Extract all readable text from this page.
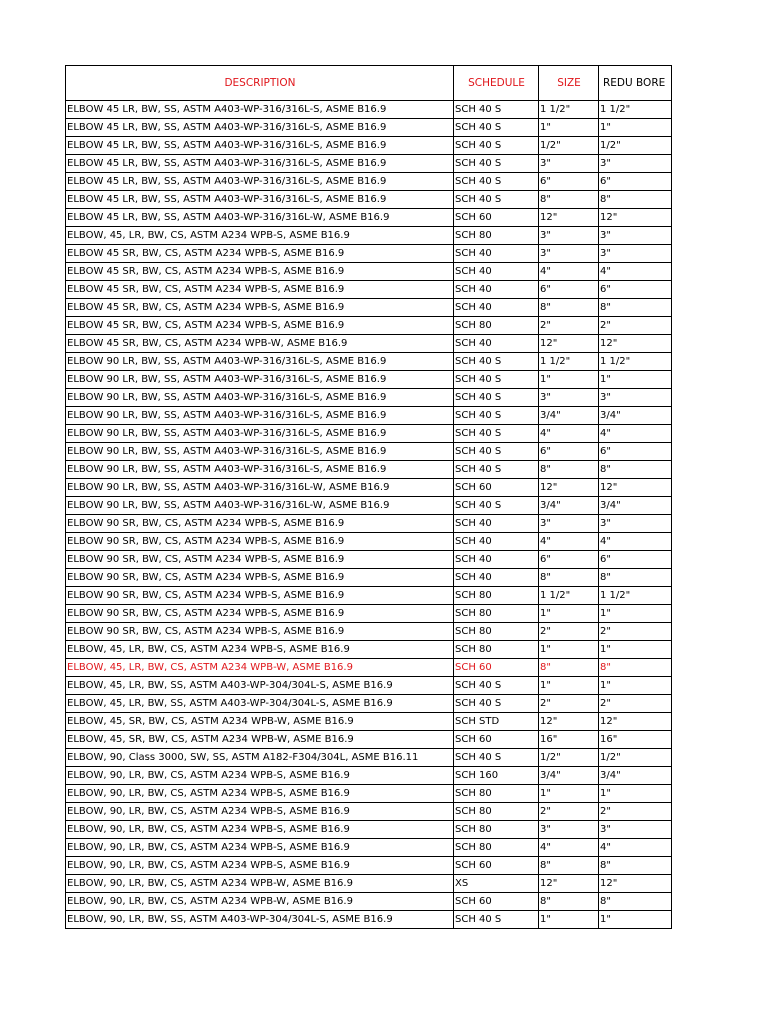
DESCRIPTION	SCHEDULE	SIZE	REDU BORE
ELBOW 45 LR, BW, SS, ASTM A403-WP-316/316L-S, ASME B16.9	SCH 40 S	1 1/2"	1 1/2"
ELBOW 45 LR, BW, SS, ASTM A403-WP-316/316L-S, ASME B16.9	SCH 40 S	1"	1"
ELBOW 45 LR, BW, SS, ASTM A403-WP-316/316L-S, ASME B16.9	SCH 40 S	1/2"	1/2"
ELBOW 45 LR, BW, SS, ASTM A403-WP-316/316L-S, ASME B16.9	SCH 40 S	3"	3"
ELBOW 45 LR, BW, SS, ASTM A403-WP-316/316L-S, ASME B16.9	SCH 40 S	6"	6"
ELBOW 45 LR, BW, SS, ASTM A403-WP-316/316L-S, ASME B16.9	SCH 40 S	8"	8"
ELBOW 45 LR, BW, SS, ASTM A403-WP-316/316L-W, ASME B16.9	SCH 60	12"	12"
ELBOW, 45, LR, BW, CS, ASTM A234 WPB-S, ASME B16.9	SCH 80	3"	3"
ELBOW 45 SR, BW, CS, ASTM A234 WPB-S, ASME B16.9	SCH 40	3"	3"
ELBOW 45 SR, BW, CS, ASTM A234 WPB-S, ASME B16.9	SCH 40	4"	4"
ELBOW 45 SR, BW, CS, ASTM A234 WPB-S, ASME B16.9	SCH 40	6"	6"
ELBOW 45 SR, BW, CS, ASTM A234 WPB-S, ASME B16.9	SCH 40	8"	8"
ELBOW 45 SR, BW, CS, ASTM A234 WPB-S, ASME B16.9	SCH 80	2"	2"
ELBOW 45 SR, BW, CS, ASTM A234 WPB-W, ASME B16.9	SCH 40	12"	12"
ELBOW 90 LR, BW, SS, ASTM A403-WP-316/316L-S, ASME B16.9	SCH 40 S	1 1/2"	1 1/2"
ELBOW 90 LR, BW, SS, ASTM A403-WP-316/316L-S, ASME B16.9	SCH 40 S	1"	1"
ELBOW 90 LR, BW, SS, ASTM A403-WP-316/316L-S, ASME B16.9	SCH 40 S	3"	3"
ELBOW 90 LR, BW, SS, ASTM A403-WP-316/316L-S, ASME B16.9	SCH 40 S	3/4"	3/4"
ELBOW 90 LR, BW, SS, ASTM A403-WP-316/316L-S, ASME B16.9	SCH 40 S	4"	4"
ELBOW 90 LR, BW, SS, ASTM A403-WP-316/316L-S, ASME B16.9	SCH 40 S	6"	6"
ELBOW 90 LR, BW, SS, ASTM A403-WP-316/316L-S, ASME B16.9	SCH 40 S	8"	8"
ELBOW 90 LR, BW, SS, ASTM A403-WP-316/316L-W, ASME B16.9	SCH 60	12"	12"
ELBOW 90 LR, BW, SS, ASTM A403-WP-316/316L-W, ASME B16.9	SCH 40 S	3/4"	3/4"
ELBOW 90 SR, BW, CS, ASTM A234 WPB-S, ASME B16.9	SCH 40	3"	3"
ELBOW 90 SR, BW, CS, ASTM A234 WPB-S, ASME B16.9	SCH 40	4"	4"
ELBOW 90 SR, BW, CS, ASTM A234 WPB-S, ASME B16.9	SCH 40	6"	6"
ELBOW 90 SR, BW, CS, ASTM A234 WPB-S, ASME B16.9	SCH 40	8"	8"
ELBOW 90 SR, BW, CS, ASTM A234 WPB-S, ASME B16.9	SCH 80	1 1/2"	1 1/2"
ELBOW 90 SR, BW, CS, ASTM A234 WPB-S, ASME B16.9	SCH 80	1"	1"
ELBOW 90 SR, BW, CS, ASTM A234 WPB-S, ASME B16.9	SCH 80	2"	2"
ELBOW, 45, LR, BW, CS, ASTM A234 WPB-S, ASME B16.9	SCH 80	1"	1"
ELBOW, 45, LR, BW, CS, ASTM A234 WPB-W, ASME B16.9	SCH 60	8"	8"
ELBOW, 45, LR, BW, SS, ASTM A403-WP-304/304L-S, ASME B16.9	SCH 40 S	1"	1"
ELBOW, 45, LR, BW, SS, ASTM A403-WP-304/304L-S, ASME B16.9	SCH 40 S	2"	2"
ELBOW, 45, SR, BW, CS, ASTM A234 WPB-W, ASME B16.9	SCH STD	12"	12"
ELBOW, 45, SR, BW, CS, ASTM A234 WPB-W, ASME B16.9	SCH 60	16"	16"
ELBOW, 90, Class 3000, SW, SS, ASTM A182-F304/304L, ASME B16.11	SCH 40 S	1/2"	1/2"
ELBOW, 90, LR, BW, CS, ASTM A234 WPB-S, ASME B16.9	SCH 160	3/4"	3/4"
ELBOW, 90, LR, BW, CS, ASTM A234 WPB-S, ASME B16.9	SCH 80	1"	1"
ELBOW, 90, LR, BW, CS, ASTM A234 WPB-S, ASME B16.9	SCH 80	2"	2"
ELBOW, 90, LR, BW, CS, ASTM A234 WPB-S, ASME B16.9	SCH 80	3"	3"
ELBOW, 90, LR, BW, CS, ASTM A234 WPB-S, ASME B16.9	SCH 80	4"	4"
ELBOW, 90, LR, BW, CS, ASTM A234 WPB-S, ASME B16.9	SCH 60	8"	8"
ELBOW, 90, LR, BW, CS, ASTM A234 WPB-W, ASME B16.9	XS	12"	12"
ELBOW, 90, LR, BW, CS, ASTM A234 WPB-W, ASME B16.9	SCH 60	8"	8"
ELBOW, 90, LR, BW, SS, ASTM A403-WP-304/304L-S, ASME B16.9	SCH 40 S	1"	1"
